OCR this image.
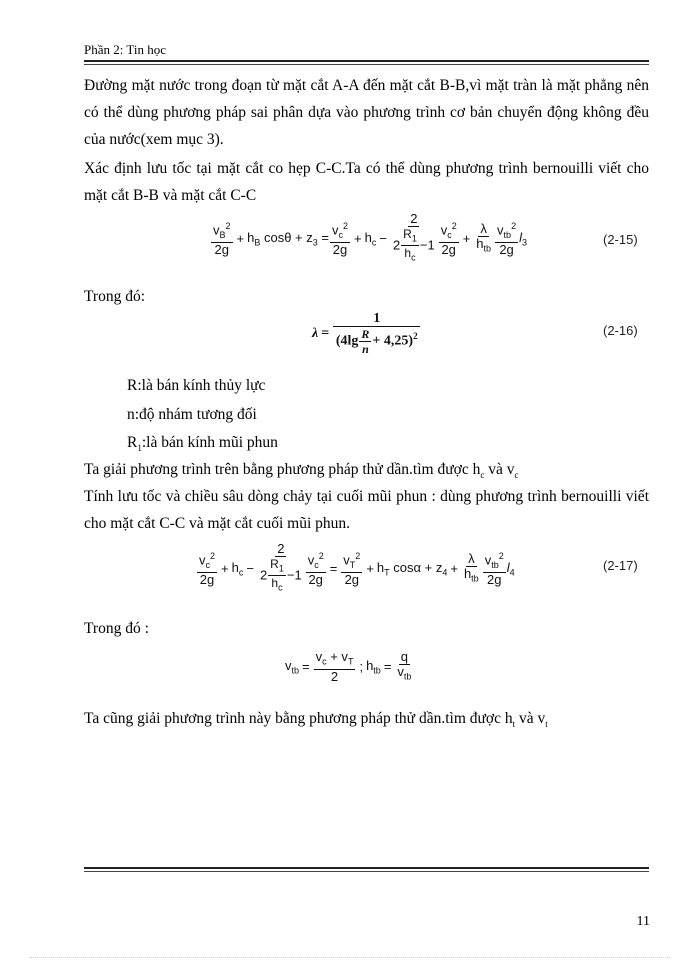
Phần 2: Tin học
Đường mặt nước trong đoạn từ mặt cắt A-A đến mặt cắt B-B,vì mặt tràn là mặt phẳng nên có thể dùng phương pháp sai phân dựa vào phương trình cơ bản chuyển động không đều của nước(xem mục 3).
Xác định lưu tốc tại mặt cắt co hẹp C-C.Ta có thể dùng phương trình bernouilli viết cho mặt cắt B-B và mặt cắt C-C
$\frac{v_B^2}{2g} + h_B$ $\cos\theta + z_3 = \frac{v_c^2}{2g} + h_c - \frac{2}{2 \frac{R_1}{h_c} -1} \frac{v_c^2}{2g} + \frac{\lambda}{h_{tb}} \frac{v_{tb}^2}{2g} l_3$	(2-15)
Trong đó:
$\lambda = \frac{1}{(4\lg \frac{R}{n} + 4,25)^2}$	(2-16)
R:là bán kính thủy lực
n:độ nhám tương đối
$R_1:là$ bán kính mũi phun
Ta giải phương trình trên bằng phương pháp thử dần.tìm được $h_c$ và $v_c$
Tính lưu tốc và chiều sâu dòng chảy tại cuối mũi phun : dùng phương trình bernouilli viết cho mặt cắt C-C và mặt cắt cuối mũi phun.
$\frac{v_c^2}{2g} + h_c - \frac{2}{2 \frac{R_1}{h_c} -1} \frac{v_c^2}{2g} = \frac{v_T^2}{2g} + h_T$ $\cos\alpha + z_4 + \frac{\lambda}{h_{tb}} \frac{v_{tb}^2}{2g} l_4$	(2-17)
Trong đó :
$v_{tb} = \frac{v_c + v_T}{2}$ ; $h_{tb} = \frac{q}{v_{tb}}$
Ta cũng giải phương trình này bằng phương pháp thử dần.tìm được $h_t$ và $v_t$
11
